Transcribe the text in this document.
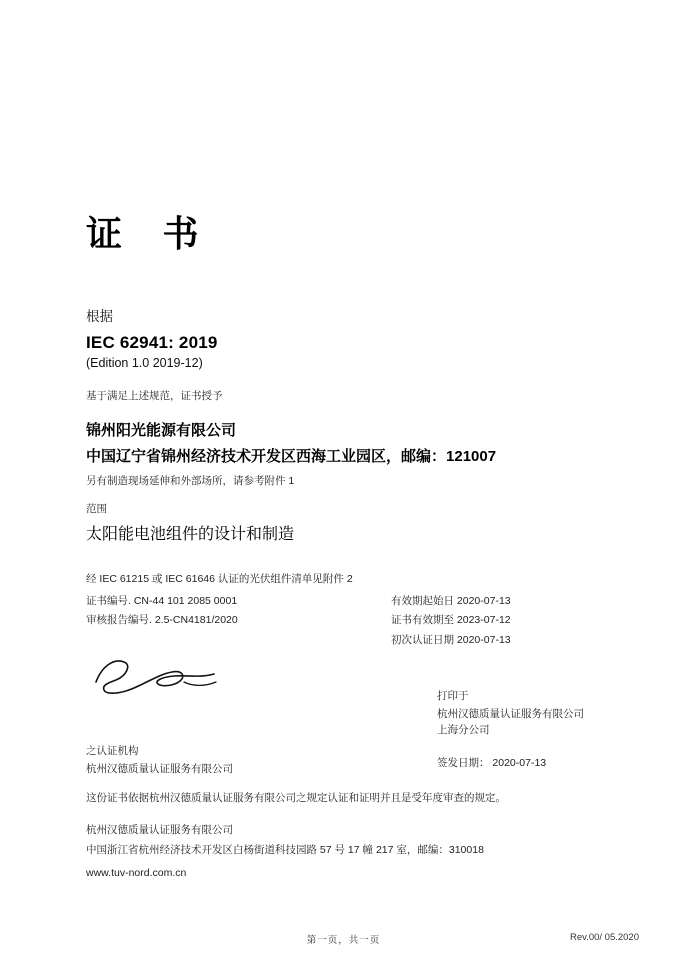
证 书

根据

IEC 62941: 2019

(Edition 1.0 2019-12)

基于满足上述规范，证书授予

锦州阳光能源有限公司

中国辽宁省锦州经济技术开发区西海工业园区，邮编：121007

另有制造现场延伸和外部场所，请参考附件 1

范围

太阳能电池组件的设计和制造

经 IEC 61215 或 IEC 61646 认证的光伏组件清单见附件 2

证书编号. CN-44 101 2085 0001
审核报告编号. 2.5-CN4181/2020
有效期起始日 2020-07-13
证书有效期至 2023-07-12
初次认证日期 2020-07-13
打印于
杭州汉德质量认证服务有限公司
上海分公司
之认证机构
杭州汉德质量认证服务有限公司	签发日期： 2020-07-13
这份证书依据杭州汉德质量认证服务有限公司之规定认证和证明并且是受年度审查的规定。
杭州汉德质量认证服务有限公司
中国浙江省杭州经济技术开发区白杨街道科技园路 57 号 17 幢 217 室，邮编：310018
www.tuv-nord.com.cn
第一页，共一页	Rev.00/ 05.2020
